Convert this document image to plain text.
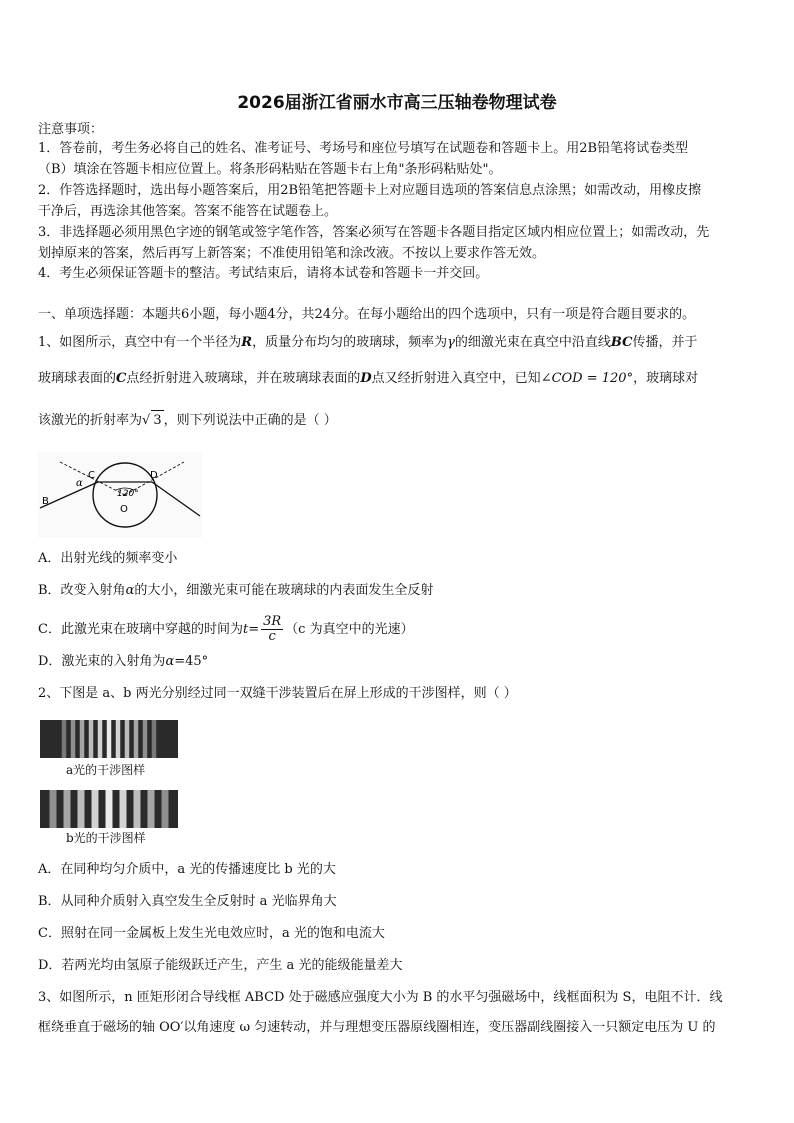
2026届浙江省丽水市高三压轴卷物理试卷
注意事项：
1．答卷前，考生务必将自己的姓名、准考证号、考场号和座位号填写在试题卷和答题卡上。用2B铅笔将试卷类型
（B）填涂在答题卡相应位置上。将条形码粘贴在答题卡右上角"条形码粘贴处"。
2．作答选择题时，选出每小题答案后，用2B铅笔把答题卡上对应题目选项的答案信息点涂黑；如需改动，用橡皮擦
干净后，再选涂其他答案。答案不能答在试题卷上。
3．非选择题必须用黑色字迹的钢笔或签字笔作答，答案必须写在答题卡各题目指定区域内相应位置上；如需改动，先
划掉原来的答案，然后再写上新答案；不准使用铅笔和涂改液。不按以上要求作答无效。
4．考生必须保证答题卡的整洁。考试结束后，请将本试卷和答题卡一并交回。
一、单项选择题：本题共6小题，每小题4分，共24分。在每小题给出的四个选项中，只有一项是符合题目要求的。
1、如图所示，真空中有一个半径为R，质量分布均匀的玻璃球，频率为γ的细激光束在真空中沿直线BC传播，并于
玻璃球表面的C点经折射进入玻璃球，并在玻璃球表面的D点又经折射进入真空中，已知∠COD = 120°，玻璃球对
该激光的折射率为√ 3 ，则下列说法中正确的是（ ）
B
C	D
O
α
120°
A．出射光线的频率变小
B．改变入射角α的大小，细激光束可能在玻璃球的内表面发生全反射
C．此激光束在玻璃中穿越的时间为$t= \frac{3R}{c} (c$ 为真空中的光速）
D．激光束的入射角为α=45°
2、下图是 a、b 两光分别经过同一双缝干涉装置后在屏上形成的干涉图样，则（ ）
a光的干涉图样
b光的干涉图样
A．在同种均匀介质中，a 光的传播速度比 b 光的大
B．从同种介质射入真空发生全反射时 a 光临界角大
C．照射在同一金属板上发生光电效应时，a 光的饱和电流大
D．若两光均由氢原子能级跃迁产生，产生 a 光的能级能量差大
3、如图所示，n 匝矩形闭合导线框 ABCD 处于磁感应强度大小为 B 的水平匀强磁场中，线框面积为 S，电阻不计．线
框绕垂直于磁场的轴 OO′以角速度 ω 匀速转动，并与理想变压器原线圈相连，变压器副线圈接入一只额定电压为 U 的
